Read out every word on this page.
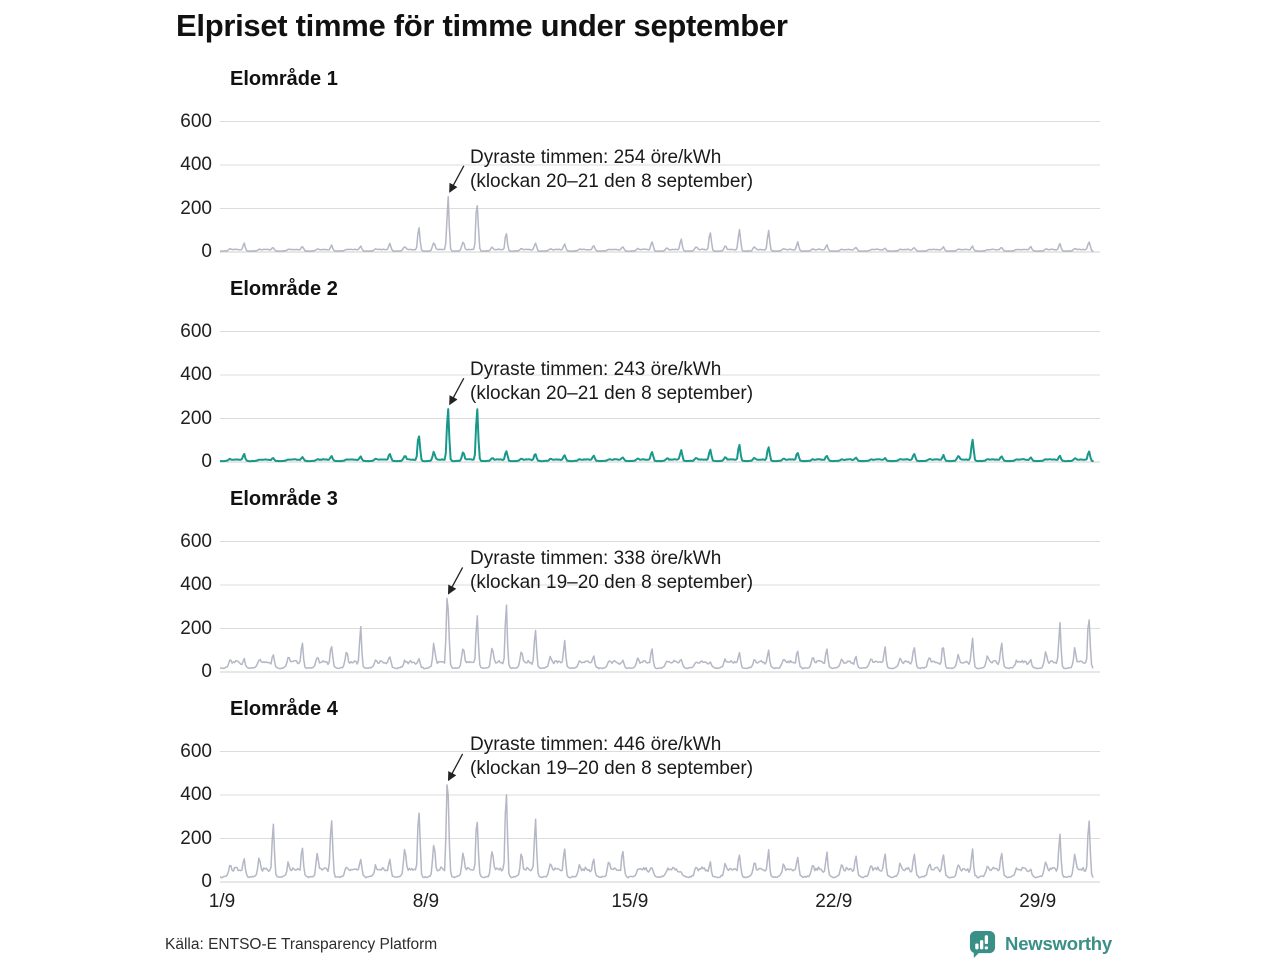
Elpriset timme för timme under september
Elområde 1
Dyraste timmen: 254 öre/kWh
(klockan 20–21 den 8 september)
0
200
400
600
Elområde 2
Dyraste timmen: 243 öre/kWh
(klockan 20–21 den 8 september)
0
200
400
600
Elområde 3
Dyraste timmen: 338 öre/kWh
(klockan 19–20 den 8 september)
0
200
400
600
Elområde 4
Dyraste timmen: 446 öre/kWh
(klockan 19–20 den 8 september)
0
200
400
600
1/9	8/9	15/9	22/9	29/9
Källa: ENTSO-E Transparency Platform	Newsworthy
